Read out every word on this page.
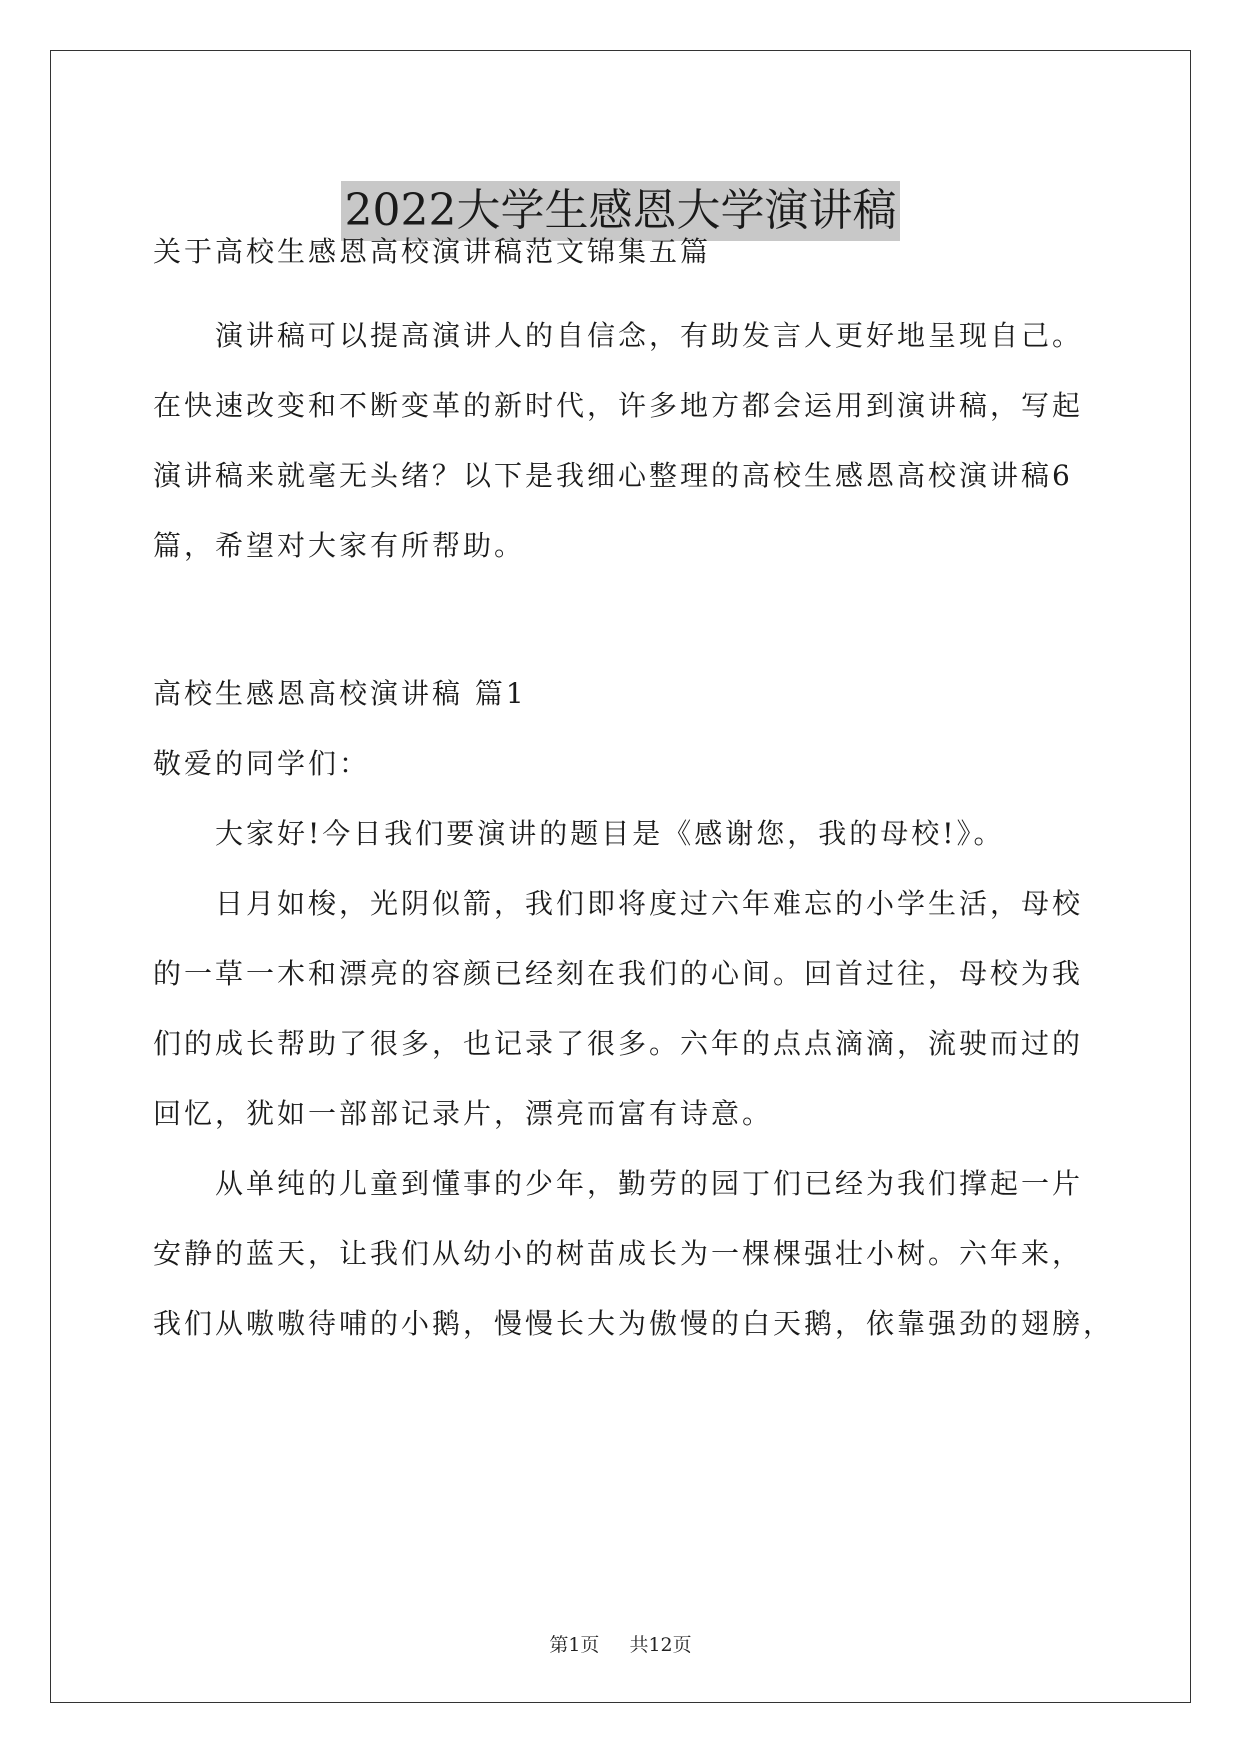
2022大学生感恩大学演讲稿

关于高校生感恩高校演讲稿范文锦集五篇

演讲稿可以提高演讲人的自信念，有助发言人更好地呈现自己。

在快速改变和不断变革的新时代，许多地方都会运用到演讲稿，写起

演讲稿来就毫无头绪？以下是我细心整理的高校生感恩高校演讲稿6

篇，希望对大家有所帮助。

高校生感恩高校演讲稿 篇1

敬爱的同学们：

大家好!今日我们要演讲的题目是《感谢您，我的母校!》。

日月如梭，光阴似箭，我们即将度过六年难忘的小学生活，母校

的一草一木和漂亮的容颜已经刻在我们的心间。回首过往，母校为我

们的成长帮助了很多，也记录了很多。六年的点点滴滴，流驶而过的

回忆，犹如一部部记录片，漂亮而富有诗意。

从单纯的儿童到懂事的少年，勤劳的园丁们已经为我们撑起一片

安静的蓝天，让我们从幼小的树苗成长为一棵棵强壮小树。六年来，

我们从嗷嗷待哺的小鹅，慢慢长大为傲慢的白天鹅，依靠强劲的翅膀，

第1页 共12页
